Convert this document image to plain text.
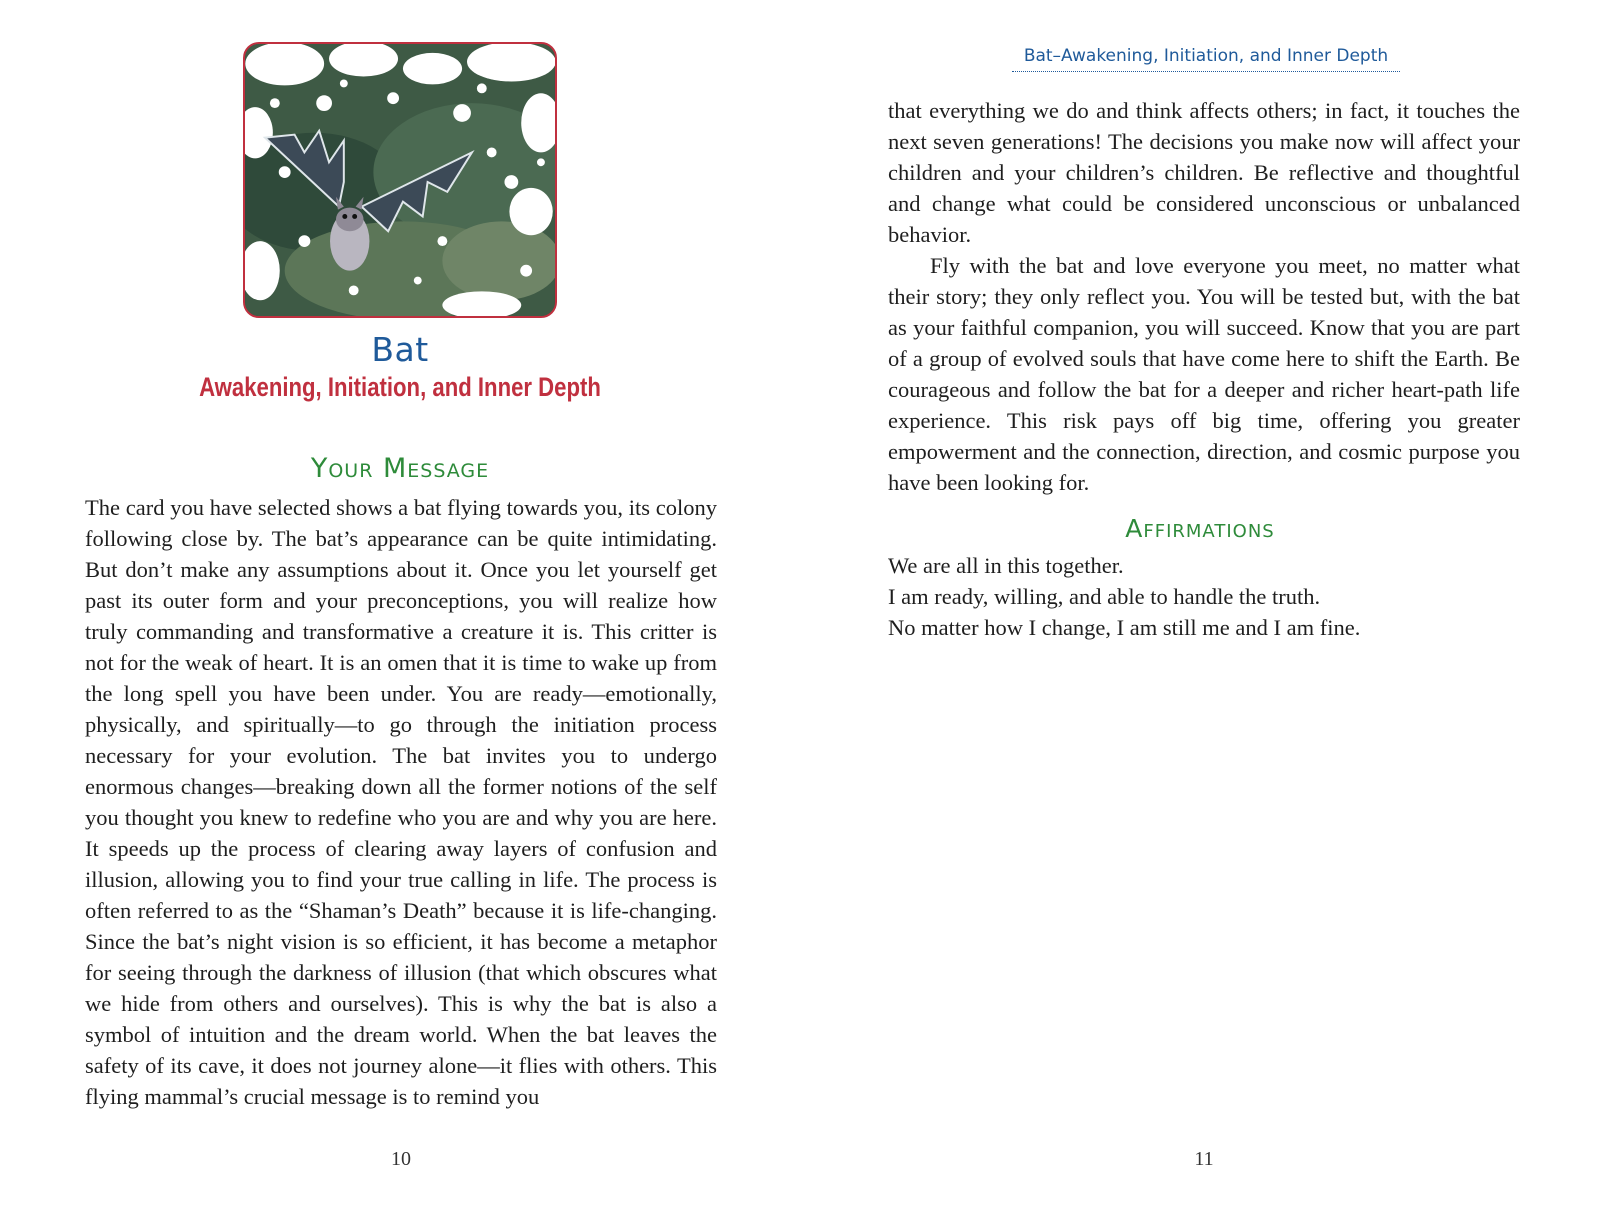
Bat
Awakening, Initiation, and Inner Depth
Your Message

The card you have selected shows a bat flying towards you, its colony following close by. The bat’s appearance can be quite intimidating. But don’t make any assumptions about it. Once you let yourself get past its outer form and your preconceptions, you will realize how truly commanding and transformative a creature it is. This critter is not for the weak of heart. It is an omen that it is time to wake up from the long spell you have been under. You are ready—emotionally, physically, and spiritually—to go through the initiation process necessary for your evolution. The bat invites you to undergo enormous changes—breaking down all the former notions of the self you thought you knew to redefine who you are and why you are here. It speeds up the process of clearing away layers of confusion and illusion, allowing you to find your true calling in life. The process is often referred to as the “Shaman’s Death” because it is life-changing. Since the bat’s night vision is so efficient, it has become a metaphor for seeing through the darkness of illusion (that which obscures what we hide from others and ourselves). This is why the bat is also a symbol of intuition and the dream world. When the bat leaves the safety of its cave, it does not journey alone—it flies with others. This flying mammal’s crucial message is to remind you

10
Bat–Awakening, Initiation, and Inner Depth

that everything we do and think affects others; in fact, it touches the next seven generations! The decisions you make now will affect your children and your children’s children. Be reflective and thoughtful and change what could be considered unconscious or unbalanced behavior.

Fly with the bat and love everyone you meet, no matter what their story; they only reflect you. You will be tested but, with the bat as your faithful companion, you will succeed. Know that you are part of a group of evolved souls that have come here to shift the Earth. Be courageous and follow the bat for a deeper and richer heart-path life experience. This risk pays off big time, offering you greater empowerment and the connection, direction, and cosmic purpose you have been looking for.

Affirmations
We are all in this together.
I am ready, willing, and able to handle the truth.
No matter how I change, I am still me and I am fine.
11
